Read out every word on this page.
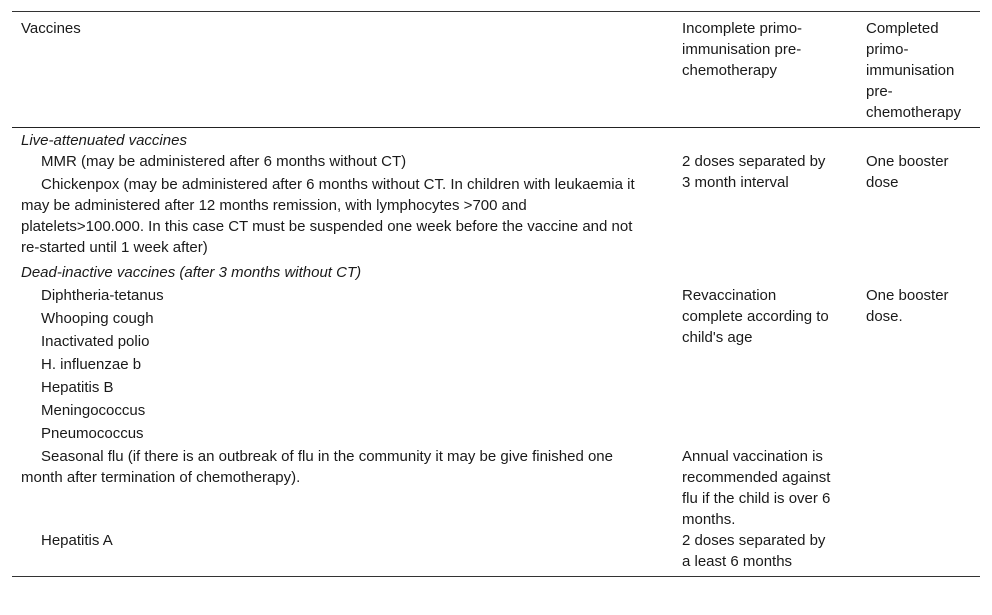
Vaccines	Incomplete primo-immunisation pre-chemotherapy
Completed primo-immunisation pre-chemotherapy
Live-attenuated vaccines
MMR (may be administered after 6 months without CT)
Chickenpox (may be administered after 6 months without CT. In children with leukaemia it may be administered after 12 months remission, with lymphocytes >700 and platelets>100.000. In this case CT must be suspended one week before the vaccine and not re-started until 1 week after)
2 doses separated by 3 month interval
One booster dose
Dead-inactive vaccines (after 3 months without CT)
Diphtheria-tetanus
Whooping cough
Inactivated polio
H. influenzae b
Hepatitis B
Meningococcus
Pneumococcus
Revaccination complete according to child's age
One booster dose.
Seasonal flu (if there is an outbreak of flu in the community it may be give finished one month after termination of chemotherapy).
Annual vaccination is recommended against flu if the child is over 6 months.
Hepatitis A	2 doses separated by a least 6 months
